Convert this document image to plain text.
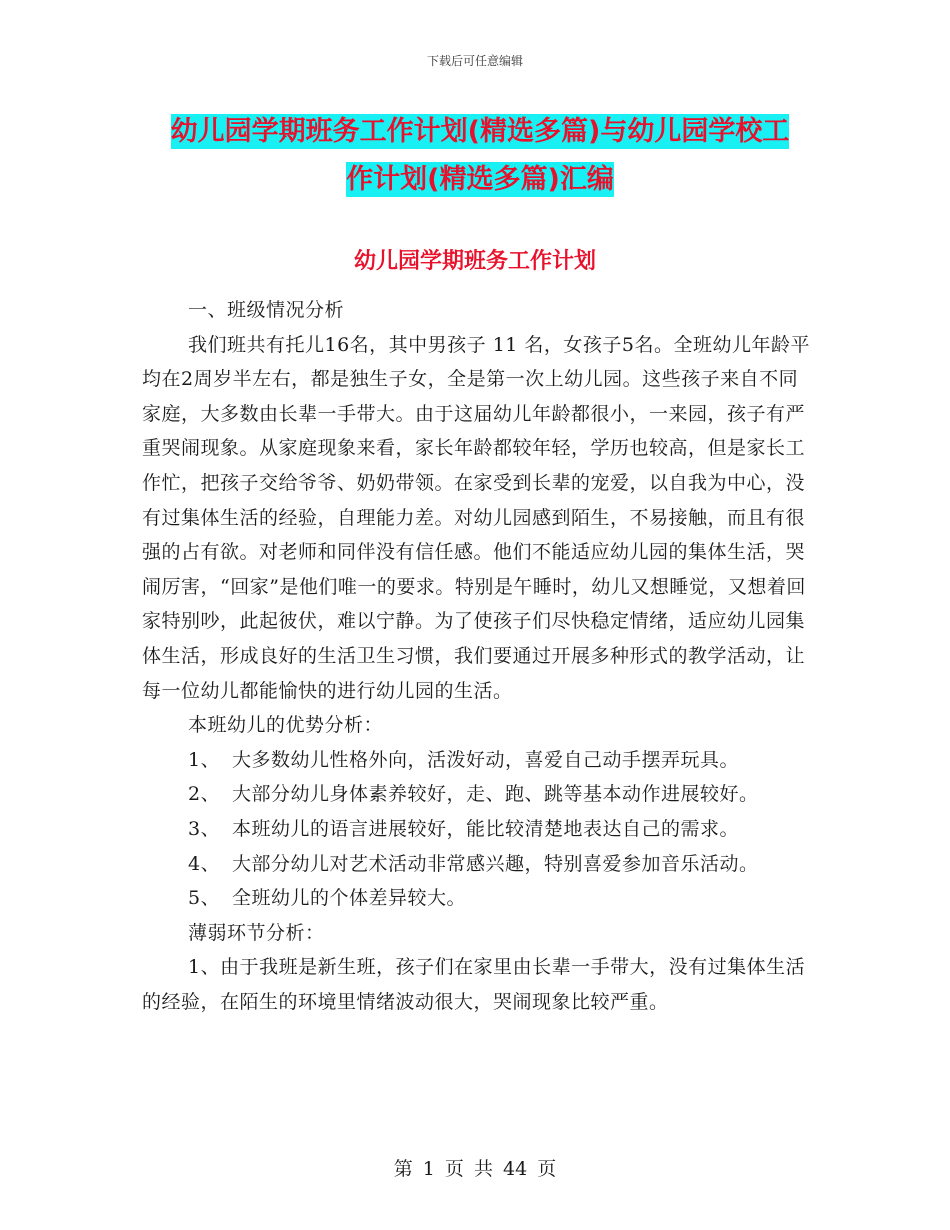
下载后可任意编辑
幼儿园学期班务工作计划(精选多篇)与幼儿园学校工
作计划(精选多篇)汇编
幼儿园学期班务工作计划

一、班级情况分析

我们班共有托儿16名，其中男孩子 11 名，女孩子5名。全班幼儿年龄平均在2周岁半左右，都是独生子女，全是第一次上幼儿园。这些孩子来自不同家庭，大多数由长辈一手带大。由于这届幼儿年龄都很小，一来园，孩子有严重哭闹现象。从家庭现象来看，家长年龄都较年轻，学历也较高，但是家长工作忙，把孩子交给爷爷、奶奶带领。在家受到长辈的宠爱，以自我为中心，没有过集体生活的经验，自理能力差。对幼儿园感到陌生，不易接触，而且有很强的占有欲。对老师和同伴没有信任感。他们不能适应幼儿园的集体生活，哭闹厉害，“回家”是他们唯一的要求。特别是午睡时，幼儿又想睡觉，又想着回家特别吵，此起彼伏，难以宁静。为了使孩子们尽快稳定情绪，适应幼儿园集体生活，形成良好的生活卫生习惯，我们要通过开展多种形式的教学活动，让每一位幼儿都能愉快的进行幼儿园的生活。

本班幼儿的优势分析：

1、 大多数幼儿性格外向，活泼好动，喜爱自己动手摆弄玩具。

2、 大部分幼儿身体素养较好，走、跑、跳等基本动作进展较好。

3、 本班幼儿的语言进展较好，能比较清楚地表达自己的需求。

4、 大部分幼儿对艺术活动非常感兴趣，特别喜爱参加音乐活动。

5、 全班幼儿的个体差异较大。

薄弱环节分析：

1、由于我班是新生班，孩子们在家里由长辈一手带大，没有过集体生活的经验，在陌生的环境里情绪波动很大，哭闹现象比较严重。

第 1 页 共 44 页
